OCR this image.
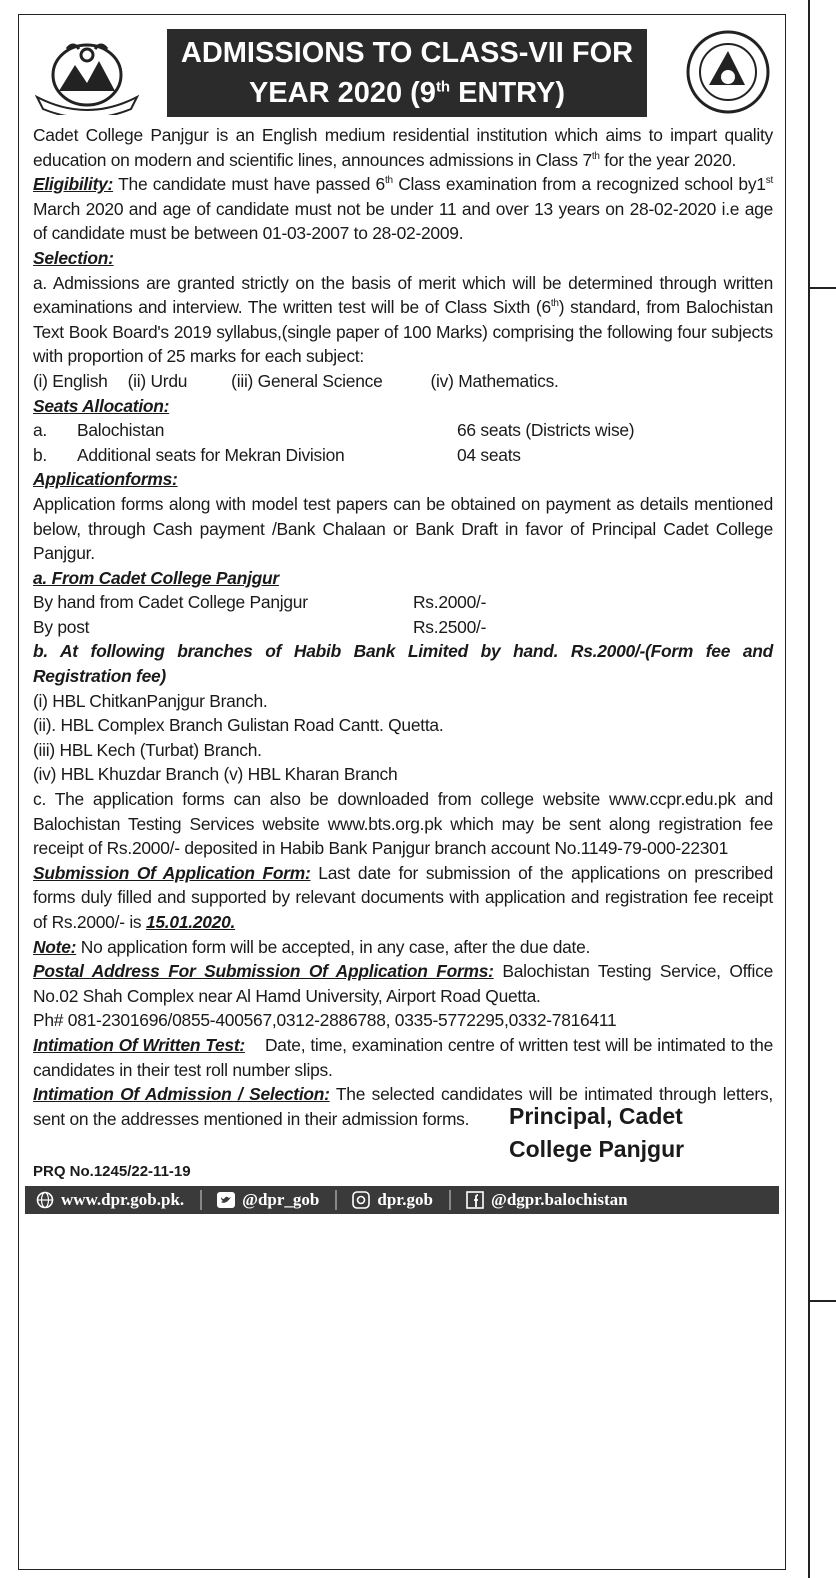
ADMISSIONS TO CLASS-VII FOR
YEAR 2020 (9th ENTRY)

Cadet College Panjgur is an English medium residential institution which aims to impart quality education on modern and scientific lines, announces admissions in Class 7th for the year 2020.

Eligibility: The candidate must have passed 6th Class examination from a recognized school by1st March 2020 and age of candidate must not be under 11 and over 13 years on 28-02-2020 i.e age of candidate must be between 01-03-2007 to 28-02-2009.

Selection:

a. Admissions are granted strictly on the basis of merit which will be determined through written examinations and interview. The written test will be of Class Sixth (6th) standard, from Balochistan Text Book Board's 2019 syllabus,(single paper of 100 Marks) comprising the following four subjects with proportion of 25 marks for each subject:

(i) English (ii) Urdu	(iii) General Science	(iv) Mathematics.

Seats Allocation:

a.	Balochistan	66 seats (Districts wise)
b.	Additional seats for Mekran Division	04 seats

Applicationforms:

Application forms along with model test papers can be obtained on payment as details mentioned below, through Cash payment /Bank Chalaan or Bank Draft in favor of Principal Cadet College Panjgur.

a. From Cadet College Panjgur

By hand from Cadet College Panjgur	Rs.2000/-
By post	Rs.2500/-

b. At following branches of Habib Bank Limited by hand. Rs.2000/-(Form fee and Registration fee)

(i) HBL ChitkanPanjgur Branch.

(ii). HBL Complex Branch Gulistan Road Cantt. Quetta.

(iii) HBL Kech (Turbat) Branch.

(iv) HBL Khuzdar Branch (v) HBL Kharan Branch

c. The application forms can also be downloaded from college website www.ccpr.edu.pk and Balochistan Testing Services website www.bts.org.pk which may be sent along registration fee receipt of Rs.2000/- deposited in Habib Bank Panjgur branch account No.1149-79-000-22301

Submission Of Application Form: Last date for submission of the applications on prescribed forms duly filled and supported by relevant documents with application and registration fee receipt of Rs.2000/- is 15.01.2020.

Note: No application form will be accepted, in any case, after the due date.

Postal Address For Submission Of Application Forms: Balochistan Testing Service, Office No.02 Shah Complex near Al Hamd University, Airport Road Quetta.

Ph# 081-2301696/0855-400567,0312-2886788, 0335-5772295,0332-7816411

Intimation Of Written Test:    Date, time, examination centre of written test will be intimated to the candidates in their test roll number slips.

Intimation Of Admission / Selection: The selected candidates will be intimated through letters, sent on the addresses mentioned in their admission forms.	Principal, Cadet
College Panjgur
PRQ No.1245/22-11-19
www.dpr.gob.pk.	@dpr_gob	dpr.gob	@dgpr.balochistan
